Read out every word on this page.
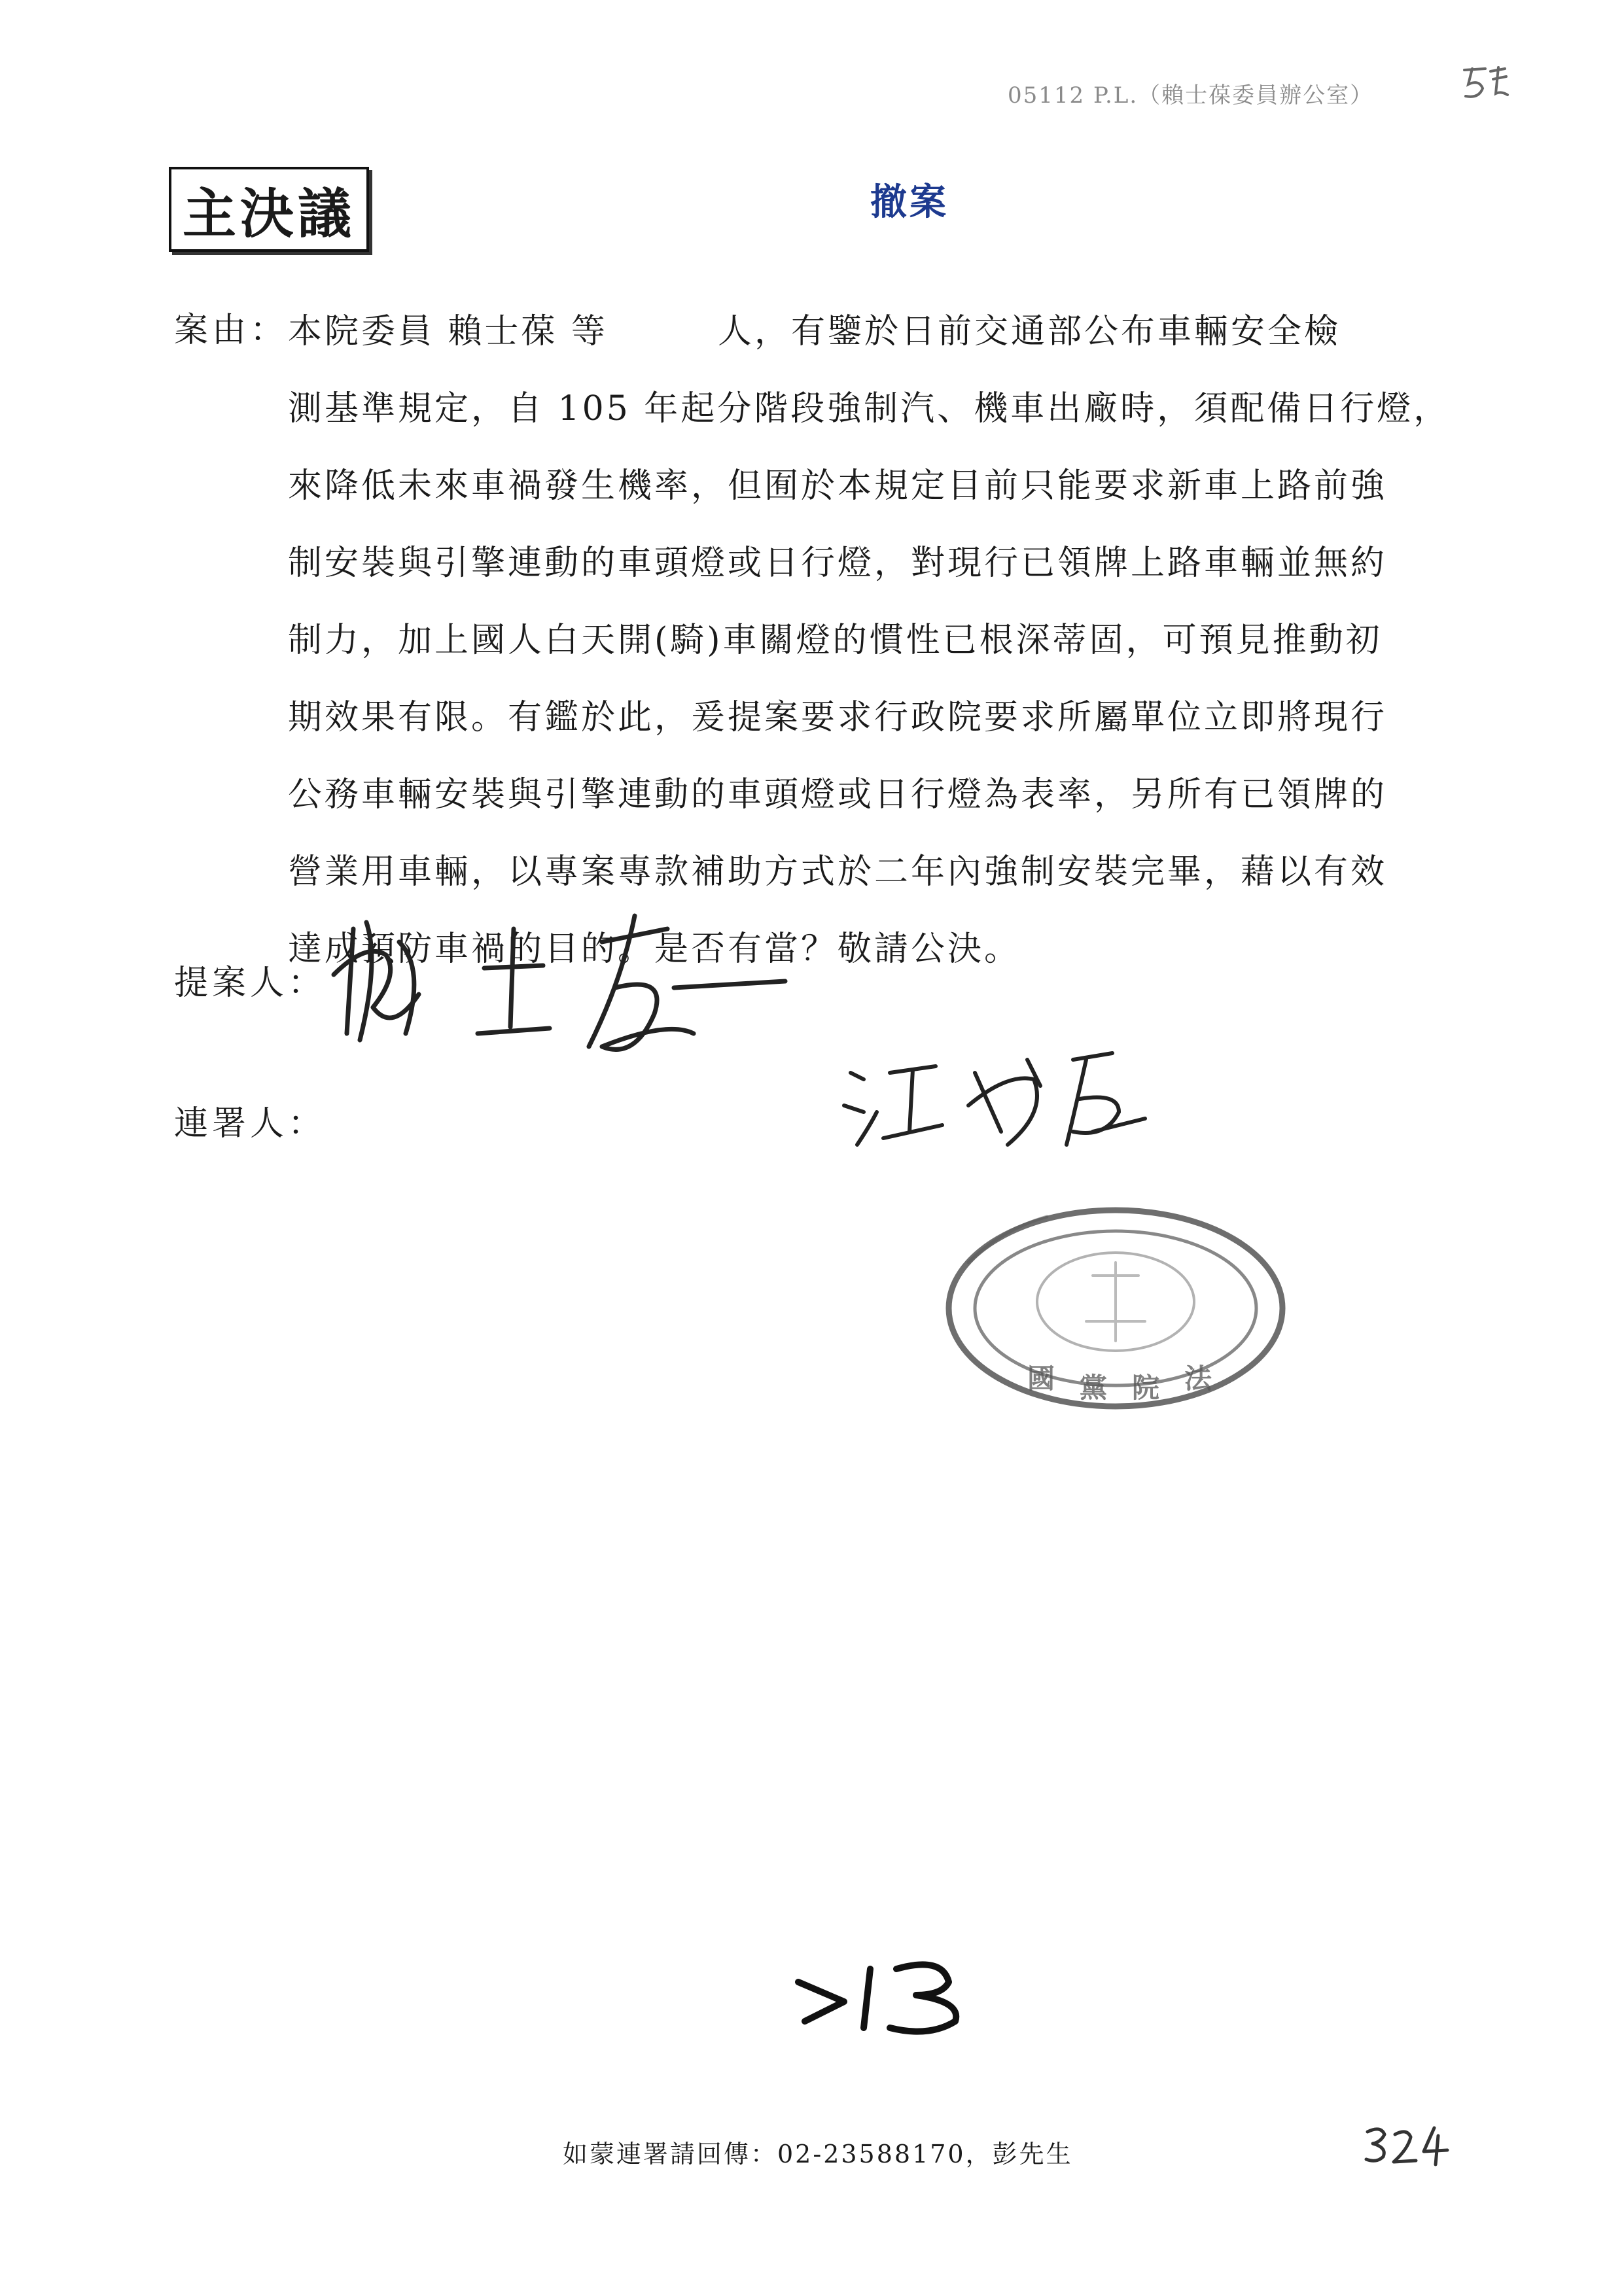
05112 P.L.（賴士葆委員辦公室）
主決議	撤案
案由： 本院委員 賴士葆 等　　　人，有鑒於日前交通部公布車輛安全檢
測基準規定，自 105 年起分階段強制汽、機車出廠時，須配備日行燈，
來降低未來車禍發生機率，但囿於本規定目前只能要求新車上路前強
制安裝與引擎連動的車頭燈或日行燈，對現行已領牌上路車輛並無約
制力，加上國人白天開(騎)車關燈的慣性已根深蒂固，可預見推動初
期效果有限。有鑑於此，爰提案要求行政院要求所屬單位立即將現行
公務車輛安裝與引擎連動的車頭燈或日行燈為表率，另所有已領牌的
營業用車輛，以專案專款補助方式於二年內強制安裝完畢，藉以有效
達成預防車禍的目的。是否有當？敬請公決。
提案人：
連署人：
國 黨 院 法
如蒙連署請回傳：02-23588170，彭先生
